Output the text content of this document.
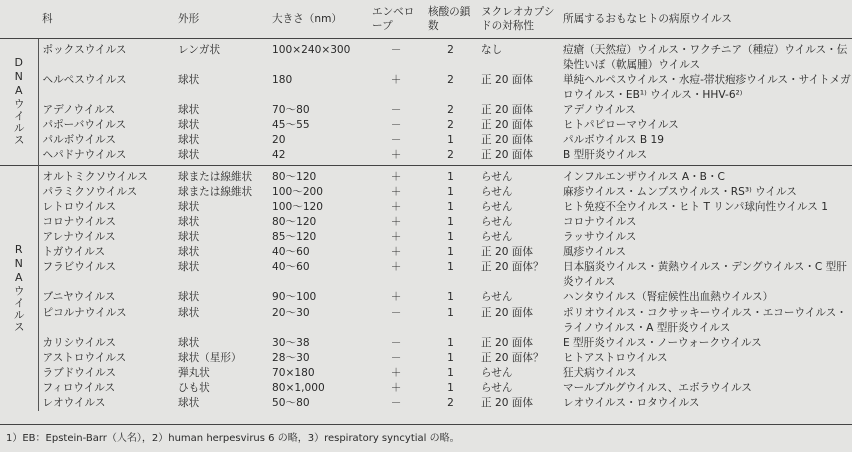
	科	外形	大きさ（nm）	エンベロープ	核酸の鎖数	ヌクレオカプシドの対称性	所属するおもなヒトの病原ウイルス
DNAウイルス	ポックスウイルス	レンガ状	100×240×300	－	2	なし	痘瘡（天然痘）ウイルス・ワクチニア（種痘）ウイルス・伝染性いぼ（軟属腫）ウイルス
	ヘルペスウイルス	球状	180	＋	2	正 20 面体	単純ヘルペスウイルス・水痘-帯状疱疹ウイルス・サイトメガロウイルス・EB¹⁾ ウイルス・HHV-6²⁾
	アデノウイルス	球状	70～80	－	2	正 20 面体	アデノウイルス
	パポーバウイルス	球状	45～55	－	2	正 20 面体	ヒトパピローマウイルス
	パルボウイルス	球状	20	－	1	正 20 面体	パルボウイルス B 19
	ヘパドナウイルス	球状	42	＋	2	正 20 面体	B 型肝炎ウイルス
RNAウイルス	オルトミクソウイルス	球または線維状	80～120	＋	1	らせん	インフルエンザウイルス A・B・C
	パラミクソウイルス	球または線維状	100～200	＋	1	らせん	麻疹ウイルス・ムンプスウイルス・RS³⁾ ウイルス
	レトロウイルス	球状	100～120	＋	1	らせん	ヒト免疫不全ウイルス・ヒト T リンパ球向性ウイルス 1
	コロナウイルス	球状	80～120	＋	1	らせん	コロナウイルス
	アレナウイルス	球状	85～120	＋	1	らせん	ラッサウイルス
	トガウイルス	球状	40～60	＋	1	正 20 面体	風疹ウイルス
	フラビウイルス	球状	40～60	＋	1	正 20 面体？	日本脳炎ウイルス・黄熱ウイルス・デングウイルス・C 型肝炎ウイルス
	ブニヤウイルス	球状	90～100	＋	1	らせん	ハンタウイルス（腎症候性出血熱ウイルス）
	ピコルナウイルス	球状	20～30	－	1	正 20 面体	ポリオウイルス・コクサッキーウイルス・エコーウイルス・ライノウイルス・A 型肝炎ウイルス
	カリシウイルス	球状	30～38	－	1	正 20 面体	E 型肝炎ウイルス・ノーウォークウイルス
	アストロウイルス	球状（星形）	28～30	－	1	正 20 面体？	ヒトアストロウイルス
	ラブドウイルス	弾丸状	70×180	＋	1	らせん	狂犬病ウイルス
	フィロウイルス	ひも状	80×1,000	＋	1	らせん	マールブルグウイルス、エボラウイルス
	レオウイルス	球状	50～80	－	2	正 20 面体	レオウイルス・ロタウイルス
1）EB：Epstein-Barr（人名），2）human herpesvirus 6 の略，3）respiratory syncytial の略。
